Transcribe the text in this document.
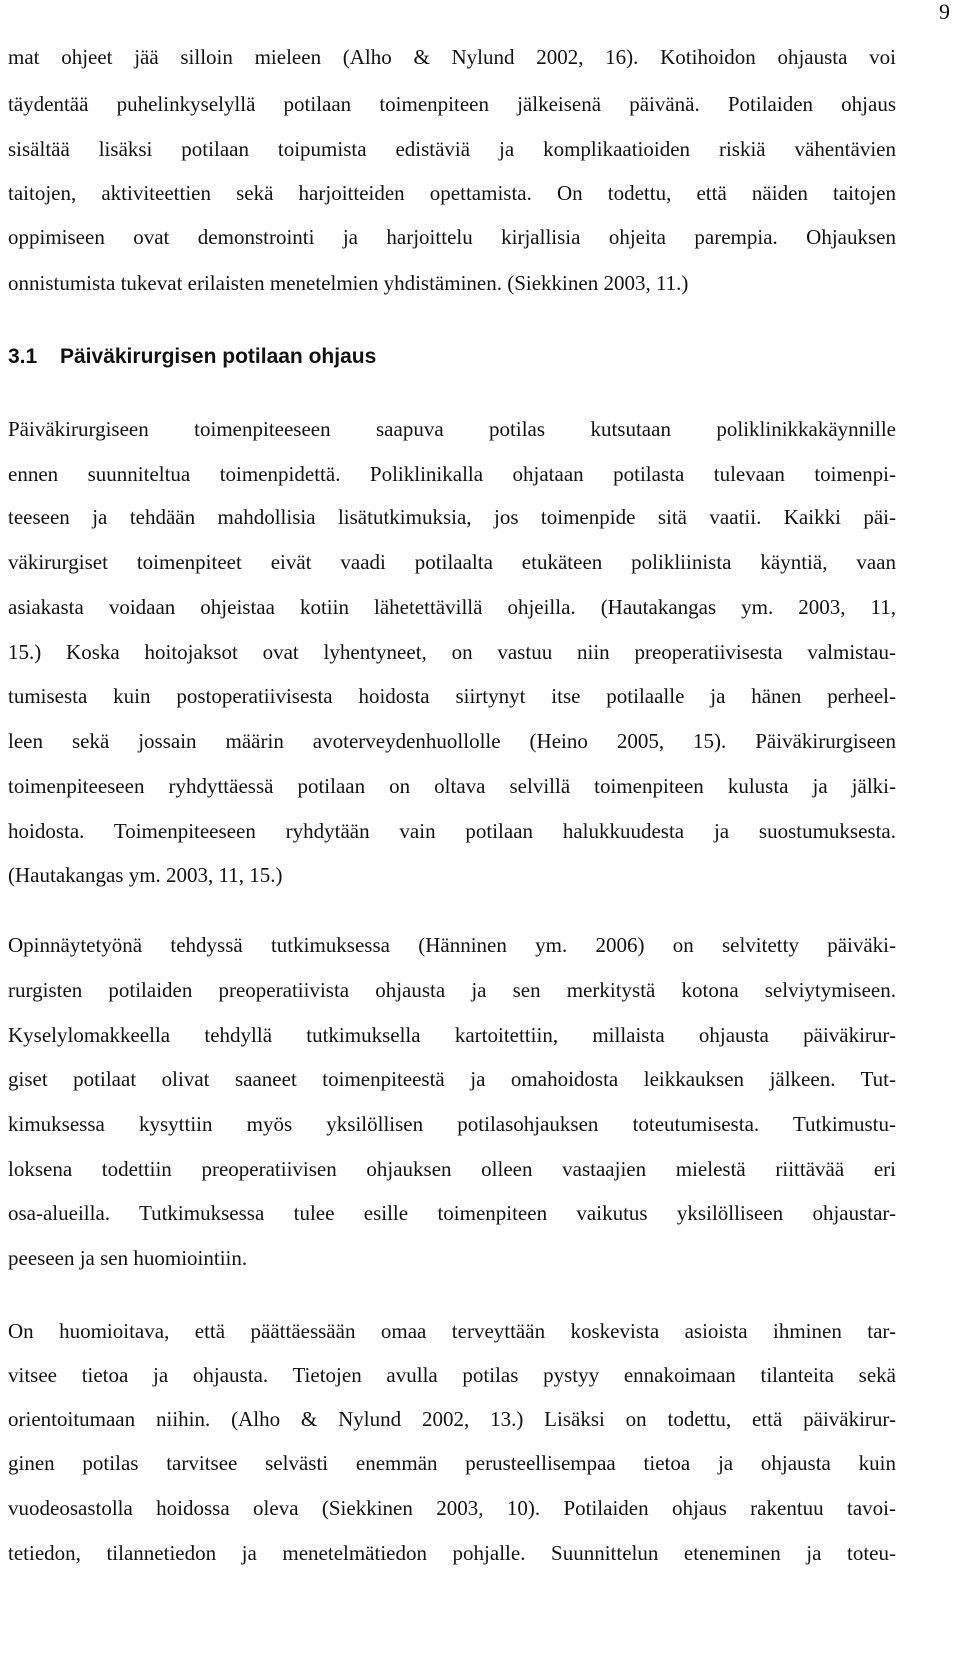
9
mat ohjeet jää silloin mieleen (Alho & Nylund 2002, 16). Kotihoidon ohjausta voi
täydentää puhelinkyselyllä potilaan toimenpiteen jälkeisenä päivänä. Potilaiden ohjaus
sisältää lisäksi potilaan toipumista edistäviä ja komplikaatioiden riskiä vähentävien
taitojen, aktiviteettien sekä harjoitteiden opettamista. On todettu, että näiden taitojen
oppimiseen ovat demonstrointi ja harjoittelu kirjallisia ohjeita parempia. Ohjauksen
onnistumista tukevat erilaisten menetelmien yhdistäminen. (Siekkinen 2003, 11.)
3.1 Päiväkirurgisen potilaan ohjaus
Päiväkirurgiseen toimenpiteeseen saapuva potilas kutsutaan poliklinikkakäynnille
ennen suunniteltua toimenpidettä. Poliklinikalla ohjataan potilasta tulevaan toimenpi-
teeseen ja tehdään mahdollisia lisätutkimuksia, jos toimenpide sitä vaatii. Kaikki päi-
väkirurgiset toimenpiteet eivät vaadi potilaalta etukäteen polikliinista käyntiä, vaan
asiakasta voidaan ohjeistaa kotiin lähetettävillä ohjeilla. (Hautakangas ym. 2003, 11,
15.) Koska hoitojaksot ovat lyhentyneet, on vastuu niin preoperatiivisesta valmistau-
tumisesta kuin postoperatiivisesta hoidosta siirtynyt itse potilaalle ja hänen perheel-
leen sekä jossain määrin avoterveydenhuollolle (Heino 2005, 15). Päiväkirurgiseen
toimenpiteeseen ryhdyttäessä potilaan on oltava selvillä toimenpiteen kulusta ja jälki-
hoidosta. Toimenpiteeseen ryhdytään vain potilaan halukkuudesta ja suostumuksesta.
(Hautakangas ym. 2003, 11, 15.)
Opinnäytetyönä tehdyssä tutkimuksessa (Hänninen ym. 2006) on selvitetty päiväki-
rurgisten potilaiden preoperatiivista ohjausta ja sen merkitystä kotona selviytymiseen.
Kyselylomakkeella tehdyllä tutkimuksella kartoitettiin, millaista ohjausta päiväkirur-
giset potilaat olivat saaneet toimenpiteestä ja omahoidosta leikkauksen jälkeen. Tut-
kimuksessa kysyttiin myös yksilöllisen potilasohjauksen toteutumisesta. Tutkimustu-
loksena todettiin preoperatiivisen ohjauksen olleen vastaajien mielestä riittävää eri
osa-alueilla. Tutkimuksessa tulee esille toimenpiteen vaikutus yksilölliseen ohjaustar-
peeseen ja sen huomiointiin.
On huomioitava, että päättäessään omaa terveyttään koskevista asioista ihminen tar-
vitsee tietoa ja ohjausta. Tietojen avulla potilas pystyy ennakoimaan tilanteita sekä
orientoitumaan niihin. (Alho & Nylund 2002, 13.) Lisäksi on todettu, että päiväkirur-
ginen potilas tarvitsee selvästi enemmän perusteellisempaa tietoa ja ohjausta kuin
vuodeosastolla hoidossa oleva (Siekkinen 2003, 10). Potilaiden ohjaus rakentuu tavoi-
tetiedon, tilannetiedon ja menetelmätiedon pohjalle. Suunnittelun eteneminen ja toteu-
